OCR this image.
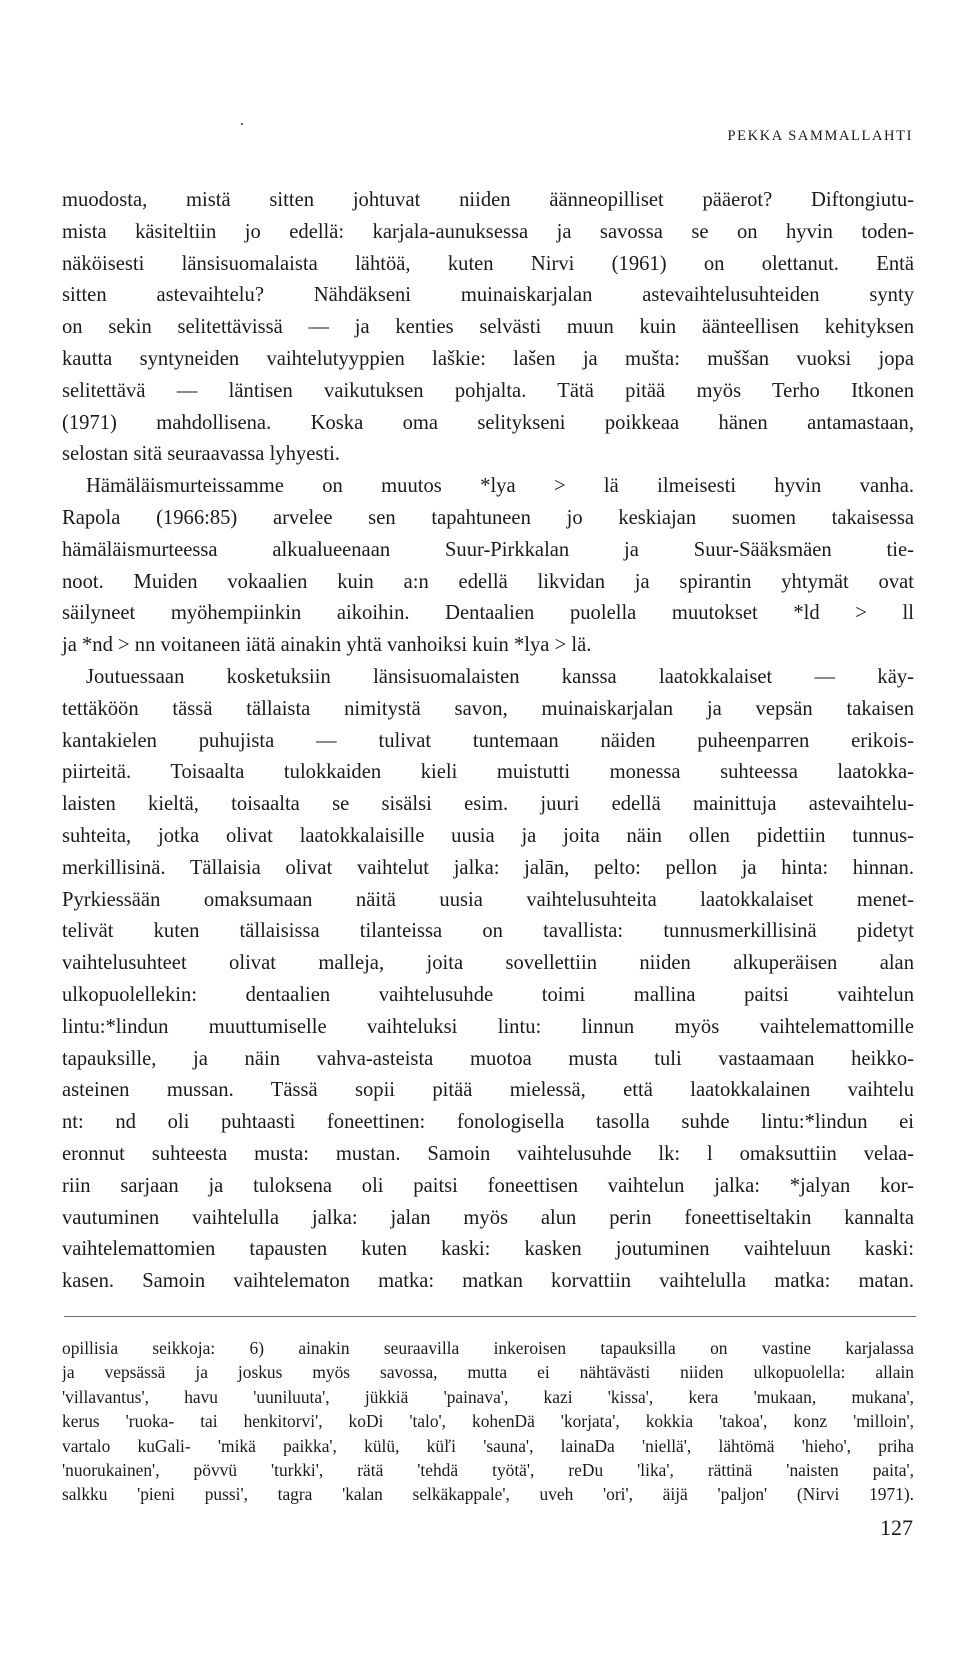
PEKKA SAMMALLAHTI
muodosta, mistä sitten johtuvat niiden äänneopilliset pääerot? Diftongiutu-
mista käsiteltiin jo edellä: karjala-aunuksessa ja savossa se on hyvin toden-
näköisesti länsisuomalaista lähtöä, kuten Nirvi (1961) on olettanut. Entä
sitten astevaihtelu? Nähdäkseni muinaiskarjalan astevaihtelusuhteiden synty
on sekin selitettävissä — ja kenties selvästi muun kuin äänteellisen kehityksen
kautta syntyneiden vaihtelutyyppien laškie: lašen ja mušta: muššan vuoksi jopa
selitettävä — läntisen vaikutuksen pohjalta. Tätä pitää myös Terho Itkonen
(1971) mahdollisena. Koska oma selitykseni poikkeaa hänen antamastaan,
selostan sitä seuraavassa lyhyesti.
Hämäläismurteissamme on muutos *lya > lä ilmeisesti hyvin vanha.
Rapola (1966:85) arvelee sen tapahtuneen jo keskiajan suomen takaisessa
hämäläismurteessa alkualueenaan Suur-Pirkkalan ja Suur-Sääksmäen tie-
noot. Muiden vokaalien kuin a:n edellä likvidan ja spirantin yhtymät ovat
säilyneet myöhempiinkin aikoihin. Dentaalien puolella muutokset *ld > ll
ja *nd > nn voitaneen iätä ainakin yhtä vanhoiksi kuin *lya > lä.
Joutuessaan kosketuksiin länsisuomalaisten kanssa laatokkalaiset — käy-
tettäköön tässä tällaista nimitystä savon, muinaiskarjalan ja vepsän takaisen
kantakielen puhujista — tulivat tuntemaan näiden puheenparren erikois-
piirteitä. Toisaalta tulokkaiden kieli muistutti monessa suhteessa laatokka-
laisten kieltä, toisaalta se sisälsi esim. juuri edellä mainittuja astevaihtelu-
suhteita, jotka olivat laatokkalaisille uusia ja joita näin ollen pidettiin tunnus-
merkillisinä. Tällaisia olivat vaihtelut jalka: jalān, pelto: pellon ja hinta: hinnan.
Pyrkiessään omaksumaan näitä uusia vaihtelusuhteita laatokkalaiset menet-
telivät kuten tällaisissa tilanteissa on tavallista: tunnusmerkillisinä pidetyt
vaihtelusuhteet olivat malleja, joita sovellettiin niiden alkuperäisen alan
ulkopuolellekin: dentaalien vaihtelusuhde toimi mallina paitsi vaihtelun
lintu:*lindun muuttumiselle vaihteluksi lintu: linnun myös vaihtelemattomille
tapauksille, ja näin vahva-asteista muotoa musta tuli vastaamaan heikko-
asteinen mussan. Tässä sopii pitää mielessä, että laatokkalainen vaihtelu
nt: nd oli puhtaasti foneettinen: fonologisella tasolla suhde lintu:*lindun ei
eronnut suhteesta musta: mustan. Samoin vaihtelusuhde lk: l omaksuttiin velaa-
riin sarjaan ja tuloksena oli paitsi foneettisen vaihtelun jalka: *jalyan kor-
vautuminen vaihtelulla jalka: jalan myös alun perin foneettiseltakin kannalta
vaihtelemattomien tapausten kuten kaski: kasken joutuminen vaihteluun kaski:
kasen. Samoin vaihtelematon matka: matkan korvattiin vaihtelulla matka: matan.
opillisia seikkoja: 6) ainakin seuraavilla inkeroisen tapauksilla on vastine karjalassa
ja vepsässä ja joskus myös savossa, mutta ei nähtävästi niiden ulkopuolella: allain
'villavantus', havu 'uuniluuta', jükkiä 'painava', kazi 'kissa', kera 'mukaan, mukana',
kerus 'ruoka- tai henkitorvi', koDi 'talo', kohenDä 'korjata', kokkia 'takoa', konz 'milloin',
vartalo kuGali- 'mikä paikka', külü, küľi 'sauna', lainaDa 'niellä', lähtömä 'hieho', priha
'nuorukainen', pövvü 'turkki', rätä 'tehdä työtä', reDu 'lika', rättinä 'naisten paita',
salkku 'pieni pussi', tagra 'kalan selkäkappale', uveh 'ori', äijä 'paljon' (Nirvi 1971).
127
